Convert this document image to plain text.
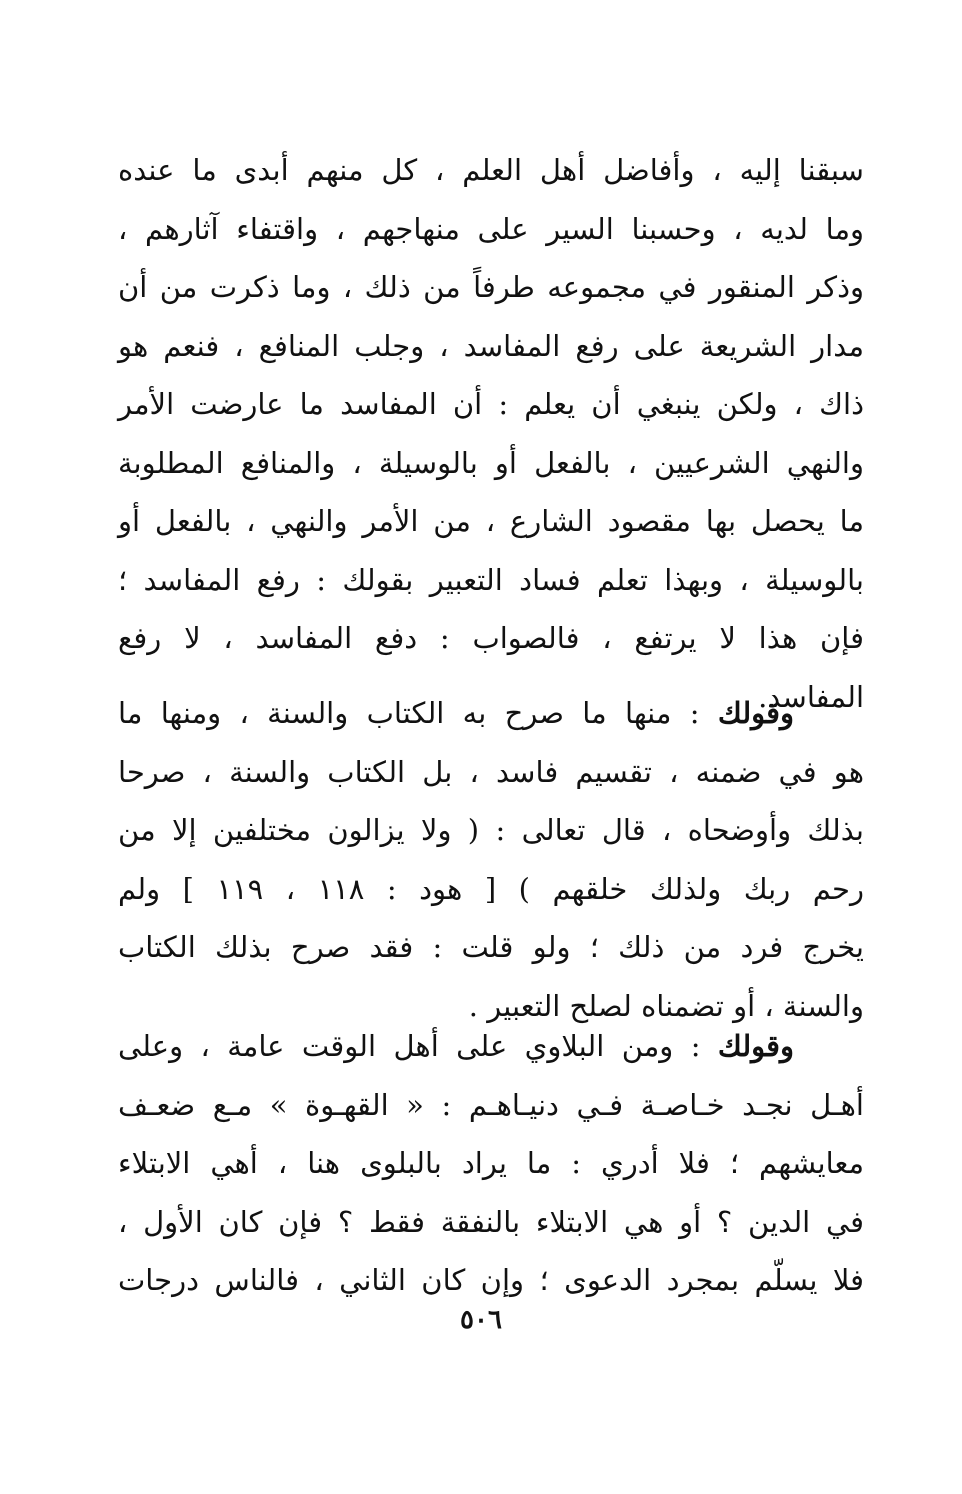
سبقنا إليه ، وأفاضل أهل العلم ، كل منهم أبدى ما عنده
وما لديه ، وحسبنا السير على منهاجهم ، واقتفاء آثارهم ،
وذكر المنقور في مجموعه طرفاً من ذلك ، وما ذكرت من أن
مدار الشريعة على رفع المفاسد ، وجلب المنافع ، فنعم هو
ذاك ، ولكن ينبغي أن يعلم : أن المفاسد ما عارضت الأمر
والنهي الشرعيين ، بالفعل أو بالوسيلة ، والمنافع المطلوبة
ما يحصل بها مقصود الشارع ، من الأمر والنهي ، بالفعل أو
بالوسيلة ، وبهذا تعلم فساد التعبير بقولك : رفع المفاسد ؛
فإن هذا لا يرتفع ، فالصواب : دفع المفاسد ، لا رفع
المفاسد.
وقولك : منها ما صرح به الكتاب والسنة ، ومنها ما
هو في ضمنه ، تقسيم فاسد ، بل الكتاب والسنة ، صرحا
بذلك وأوضحاه ، قال تعالى : ( ولا يزالون مختلفين إلا من
رحم ربك ولذلك خلقهم ) [ هود : ١١٨ ، ١١٩ ] ولم
يخرج فرد من ذلك ؛ ولو قلت : فقد صرح بذلك الكتاب
والسنة ، أو تضمناه لصلح التعبير .
وقولك : ومن البلاوي على أهل الوقت عامة ، وعلى
أهـل نجـد خـاصـة فـي دنيـاهـم : « القهـوة » مـع ضعـف
معايشهم ؛ فلا أدري : ما يراد بالبلوى هنا ، أهي الابتلاء
في الدين ؟ أو هي الابتلاء بالنفقة فقط ؟ فإن كان الأول ،
فلا يسلّم بمجرد الدعوى ؛ وإن كان الثاني ، فالناس درجات
٥٠٦
